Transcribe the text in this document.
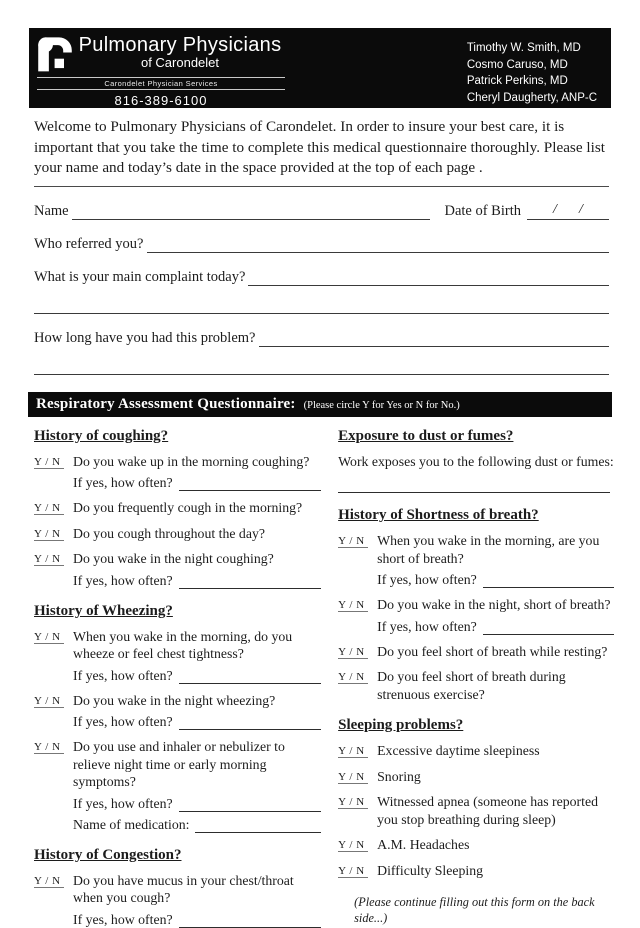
Pulmonary Physicians
of Carondelet
Carondelet Physician Services
816-389-6100
Timothy W. Smith, MD
Cosmo Caruso, MD
Patrick Perkins, MD
Cheryl Daugherty, ANP-C

Welcome to Pulmonary Physicians of Carondelet. In order to insure your best care, it is important that you take the time to complete this medical questionnaire thoroughly. Please list your name and today’s date in the space provided at the top of each page .

Name	Date of Birth / /
Who referred you?
What is your main complaint today?
How long have you had this problem?
Respiratory Assessment Questionnaire: (Please circle Y for Yes or N for No.)
History of coughing?
Y / N Do you wake up in the morning coughing?
If yes, how often?
Y / N Do you frequently cough in the morning?
Y / N Do you cough throughout the day?
Y / N Do you wake in the night coughing?
If yes, how often?
History of Wheezing?
Y / N When you wake in the morning, do you wheeze or feel chest tightness?
If yes, how often?
Y / N Do you wake in the night wheezing?
If yes, how often?
Y / N Do you use and inhaler or nebulizer to relieve night time or early morning symptoms?
If yes, how often?
Name of medication:
History of Congestion?
Y / N Do you have mucus in your chest/throat when you cough?
If yes, how often?
Exposure to dust or fumes?
Work exposes you to the following dust or fumes:
History of Shortness of breath?
Y / N When you wake in the morning, are you short of breath?
If yes, how often?
Y / N Do you wake in the night, short of breath?
If yes, how often?
Y / N Do you feel short of breath while resting?
Y / N Do you feel short of breath during strenuous exercise?
Sleeping problems?
Y / N Excessive daytime sleepiness
Y / N Snoring
Y / N Witnessed apnea (someone has reported you stop breathing during sleep)
Y / N A.M. Headaches
Y / N Difficulty Sleeping
(Please continue filling out this form on the back side...)
